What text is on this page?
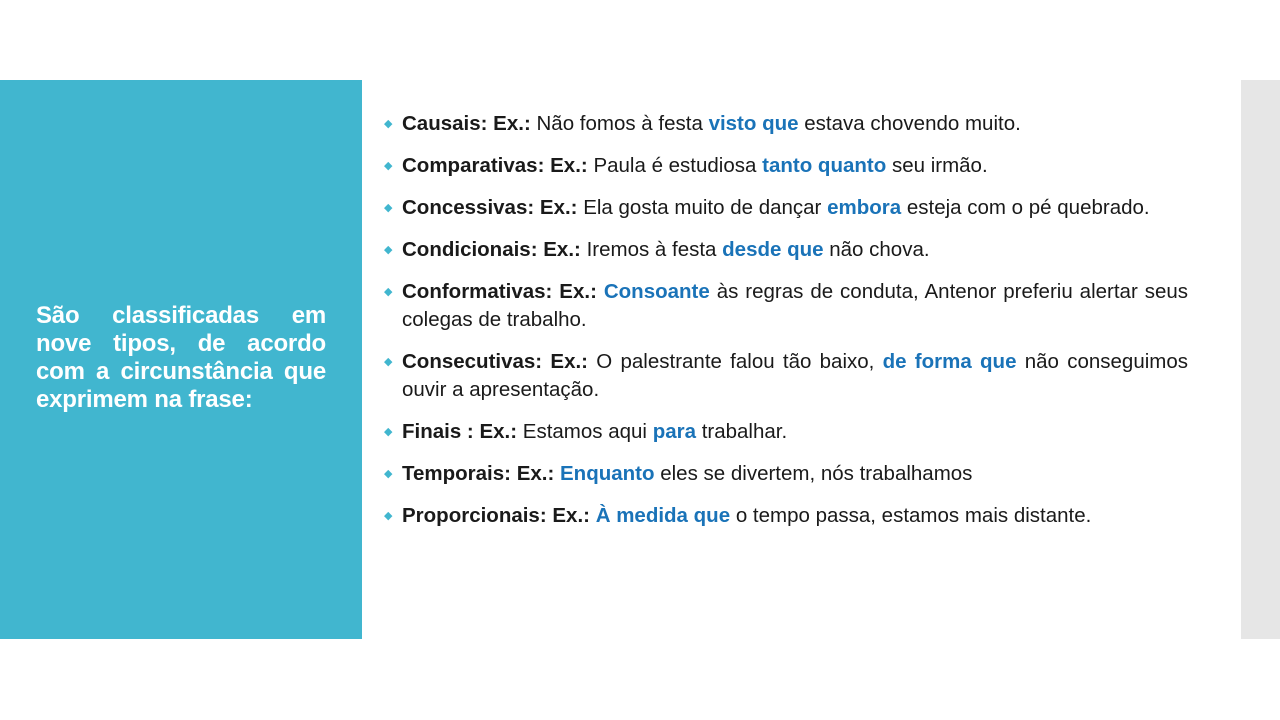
São classificadas em nove tipos, de acordo com a circunstância que exprimem na frase:
◆ Causais: Ex.: Não fomos à festa visto que estava chovendo muito.
◆ Comparativas: Ex.: Paula é estudiosa tanto quanto seu irmão.
◆ Concessivas: Ex.: Ela gosta muito de dançar embora esteja com o pé quebrado.
◆ Condicionais: Ex.: Iremos à festa desde que não chova.
◆ Conformativas: Ex.: Consoante às regras de conduta, Antenor preferiu alertar seus colegas de trabalho.
◆ Consecutivas: Ex.: O palestrante falou tão baixo, de forma que não conseguimos ouvir a apresentação.
◆ Finais : Ex.: Estamos aqui para trabalhar.
◆ Temporais: Ex.: Enquanto eles se divertem, nós trabalhamos
◆ Proporcionais: Ex.: À medida que o tempo passa, estamos mais distante.
